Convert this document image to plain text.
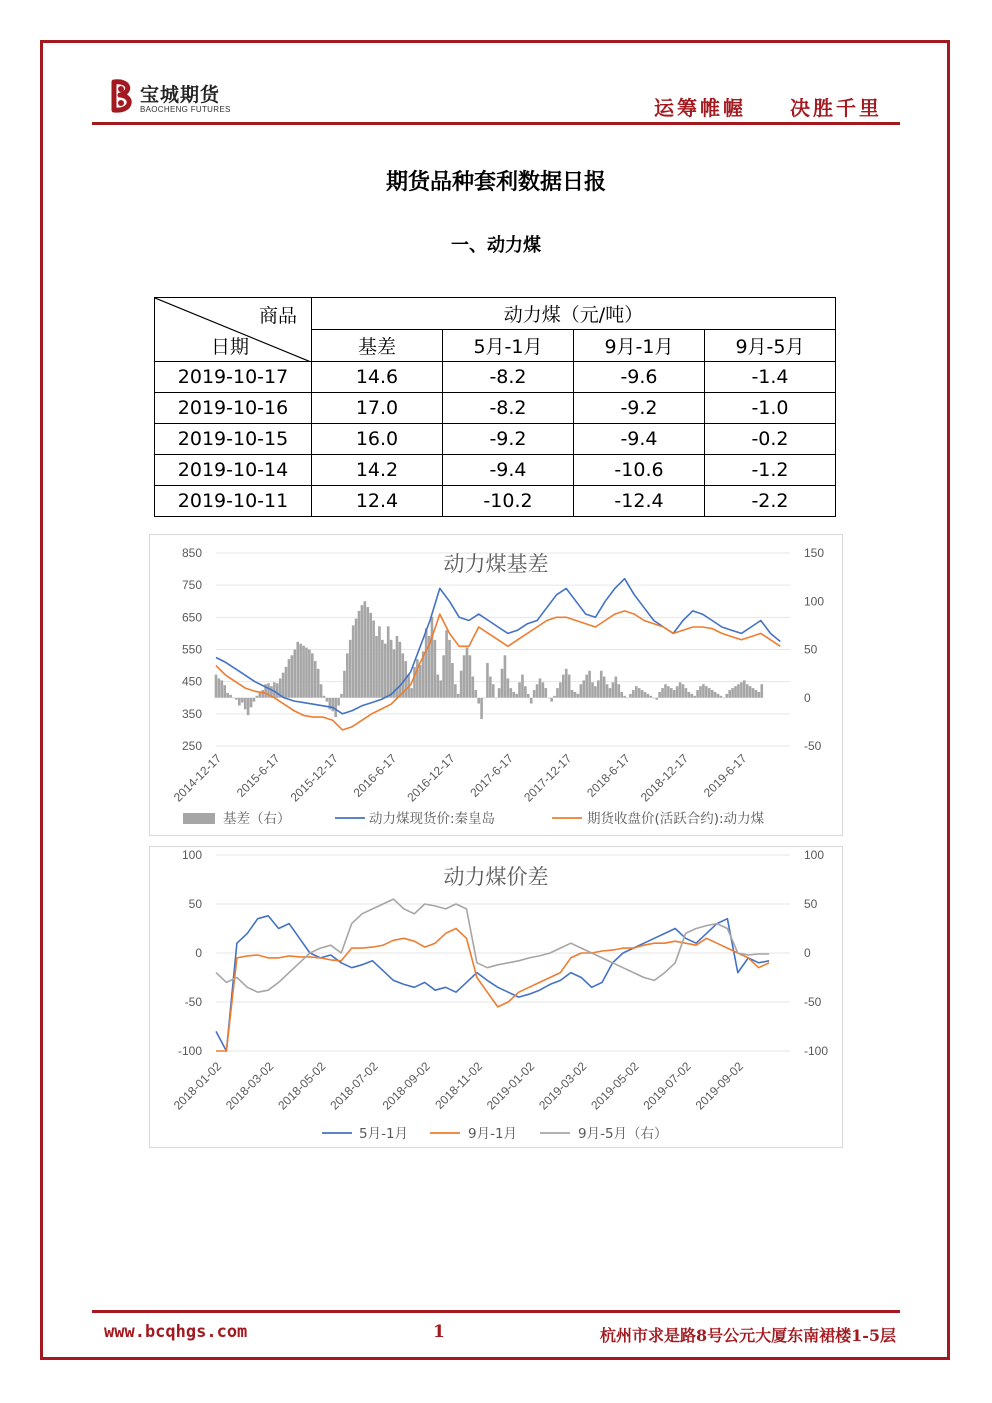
宝城期货
BAOCHENG FUTURES	运筹帷幄 决胜千里
期货品种套利数据日报
一、动力煤
商品
日期	动力煤（元/吨）			
	基差	5月-1月	9月-1月	9月-5月
2019-10-17	14.6	-8.2	-9.6	-1.4
2019-10-16	17.0	-8.2	-9.2	-1.0
2019-10-15	16.0	-9.2	-9.4	-0.2
2019-10-14	14.2	-9.4	-10.6	-1.2
2019-10-11	12.4	-10.2	-12.4	-2.2
850
750
650
550
450
350
250
150
100
50
0
-50
动力煤基差
2014-12-17 2015-6-17 2015-12-17 2016-6-17 2016-12-17 2017-6-17 2017-12-17 2018-6-17 2018-12-17 2019-6-17
基差（右）	动力煤现货价:秦皇岛	期货收盘价(活跃合约):动力煤
100
50
0
-50
-100
100
50
0
-50
-100
动力煤价差
2018-01-02
2018-03-02
2018-05-02
2018-07-02
2018-09-02 2018-11-02
2019-01-02
2019-03-02
2019-05-02
2019-07-02
2019-09-02
5月-1月	9月-1月	9月-5月（右）
www.bcqhgs.com	1	杭州市求是路8号公元大厦东南裙楼1-5层
